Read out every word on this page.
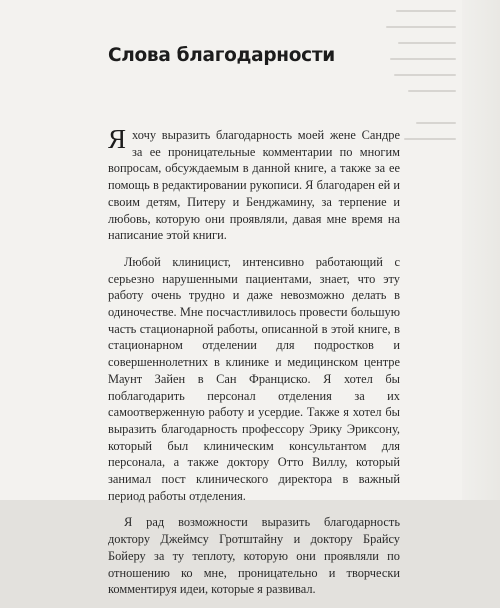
Слова благодарности

Яхочу выразить благодарность моей жене Сандре за ее проницательные комментарии по многим вопросам, обсуждаемым в данной книге, а также за ее помощь в редактировании рукописи. Я благодарен ей и своим детям, Питеру и Бенджамину, за терпение и любовь, которую они проявляли, давая мне время на написание этой книги.

Любой клиницист, интенсивно работающий с серьезно нарушенными пациентами, знает, что эту работу очень трудно и даже невозможно делать в одиночестве. Мне посчастливилось провести большую часть стационарной работы, описанной в этой книге, в стационарном отделении для подростков и совершеннолетних в клинике и медицинском центре Маунт Зайен в Сан Франциско. Я хотел бы поблагодарить персонал отделения за их самоотверженную работу и усердие. Также я хотел бы выразить благодарность профессору Эрику Эриксону, который был клиническим консультантом для персонала, а также доктору Отто Виллу, который занимал пост клинического директора в важный период работы отделения.

Я рад возможности выразить благодарность доктору Джеймсу Гротштайну и доктору Брайсу Бойеру за ту теплоту, которую они проявляли по отношению ко мне, проницательно и творчески комментируя идеи, которые я развивал.
